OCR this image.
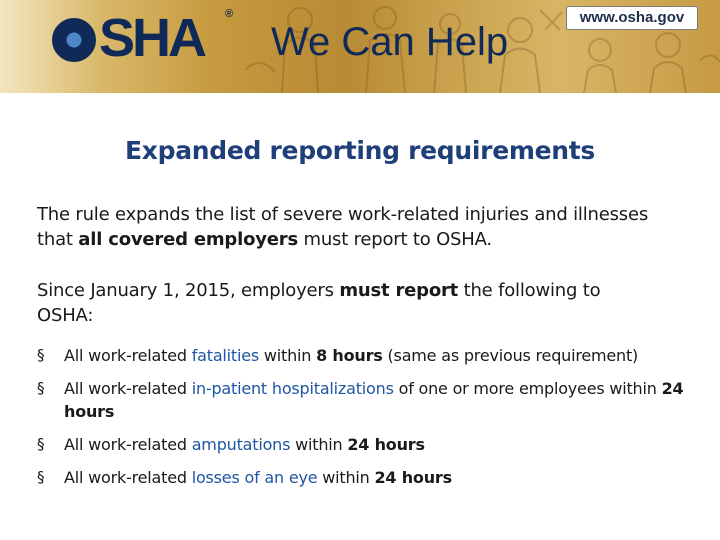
SHA ®
We Can Help
www.osha.gov
Expanded reporting requirements

The rule expands the list of severe work-related injuries and illnesses that all covered employers must report to OSHA.

Since January 1, 2015, employers must report the following to OSHA:

§ All work-related fatalities within 8 hours (same as previous requirement)
§ All work-related in-patient hospitalizations of one or more employees within 24 hours
§ All work-related amputations within 24 hours
§ All work-related losses of an eye within 24 hours
